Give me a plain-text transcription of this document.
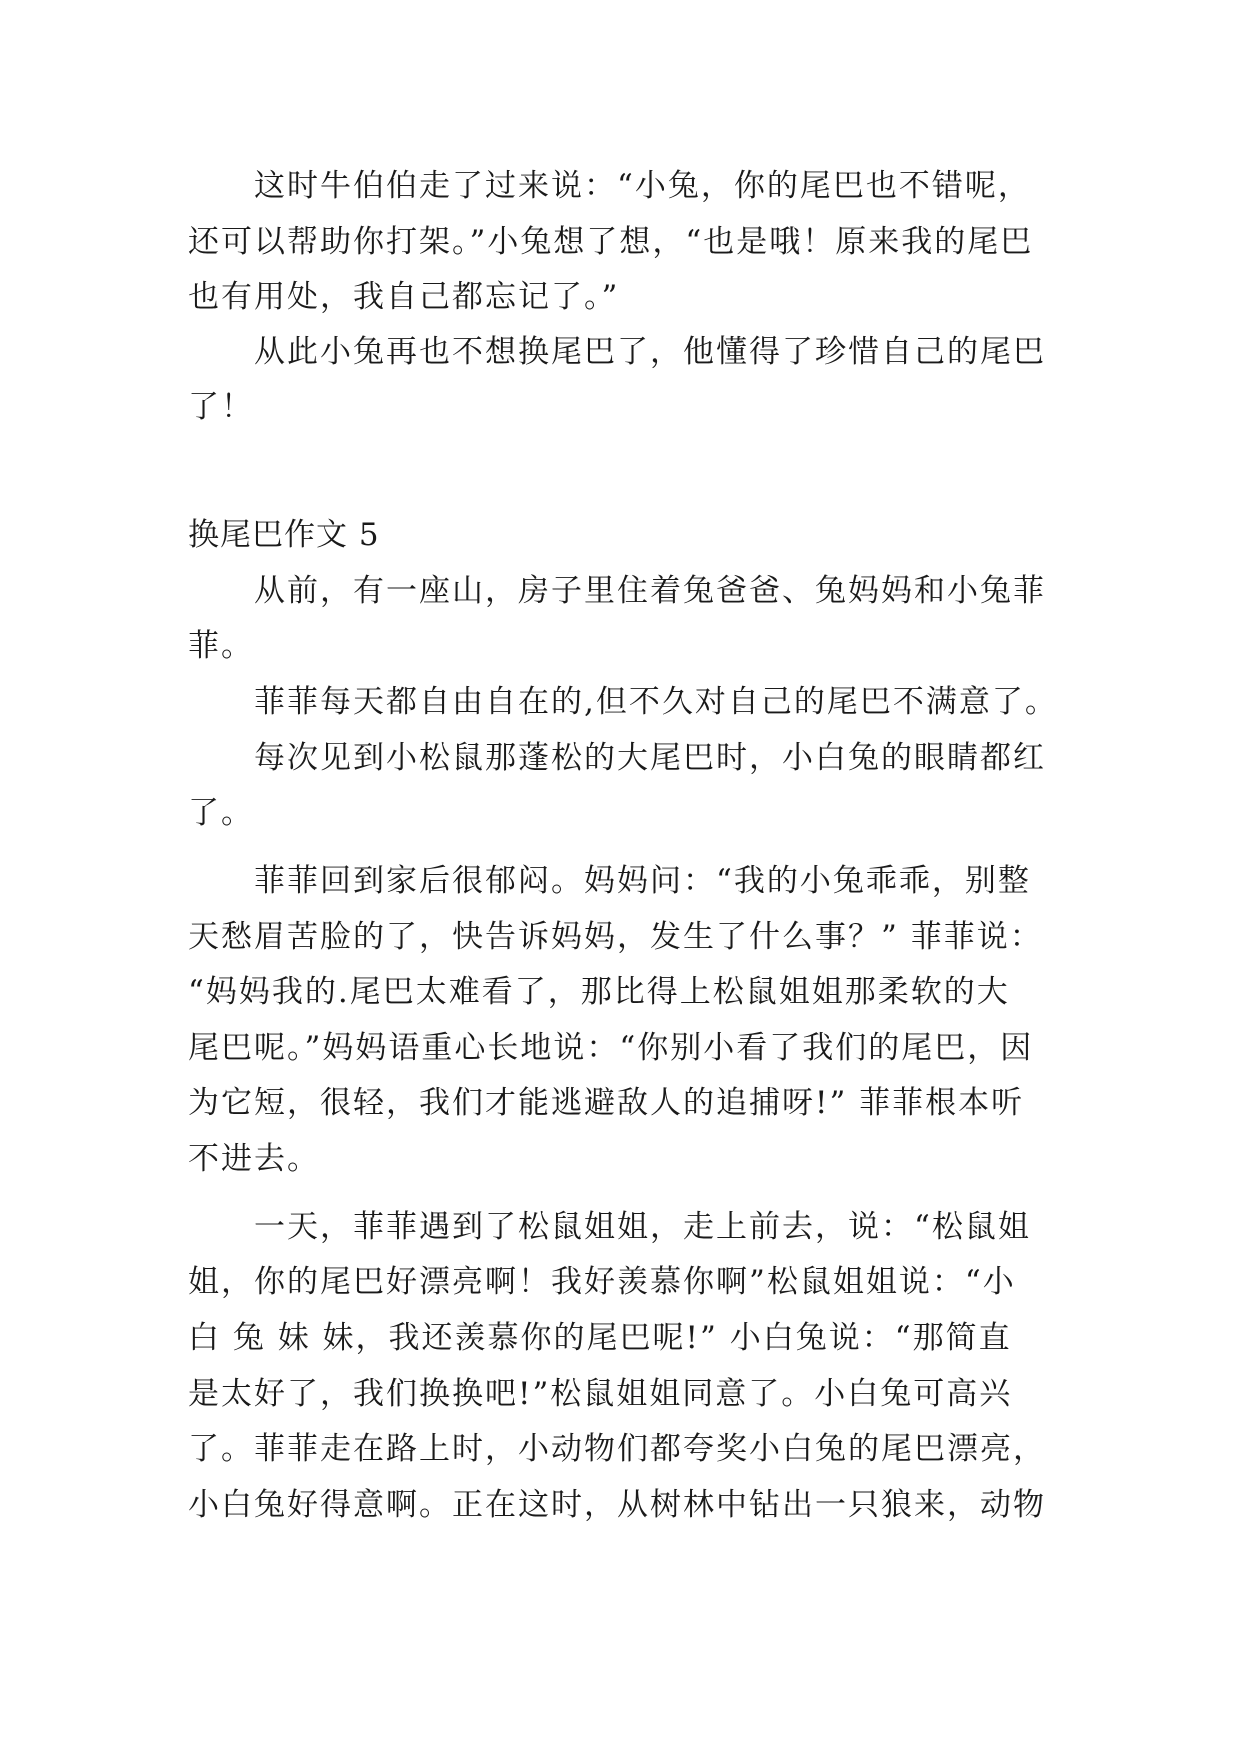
这时牛伯伯走了过来说：“小兔，你的尾巴也不错呢，
还可以帮助你打架。”小兔想了想，“也是哦！原来我的尾巴
也有用处，我自己都忘记了。”
从此小兔再也不想换尾巴了，他懂得了珍惜自己的尾巴
了！
换尾巴作文 5
从前，有一座山，房子里住着兔爸爸、兔妈妈和小兔菲
菲。
菲菲每天都自由自在的,但不久对自己的尾巴不满意了。
每次见到小松鼠那蓬松的大尾巴时，小白兔的眼睛都红
了。
菲菲回到家后很郁闷。妈妈问：“我的小兔乖乖，别整
天愁眉苦脸的了，快告诉妈妈，发生了什么事？” 菲菲说：
“妈妈我的.尾巴太难看了，那比得上松鼠姐姐那柔软的大
尾巴呢。”妈妈语重心长地说：“你别小看了我们的尾巴，因
为它短，很轻，我们才能逃避敌人的追捕呀!” 菲菲根本听
不进去。
一天，菲菲遇到了松鼠姐姐，走上前去，说：“松鼠姐
姐，你的尾巴好漂亮啊！我好羡慕你啊”松鼠姐姐说：“小
白 兔 妹 妹，我还羡慕你的尾巴呢!” 小白兔说：“那简直
是太好了，我们换换吧!”松鼠姐姐同意了。小白兔可高兴
了。菲菲走在路上时，小动物们都夸奖小白兔的尾巴漂亮，
小白兔好得意啊。正在这时，从树林中钻出一只狼来，动物
